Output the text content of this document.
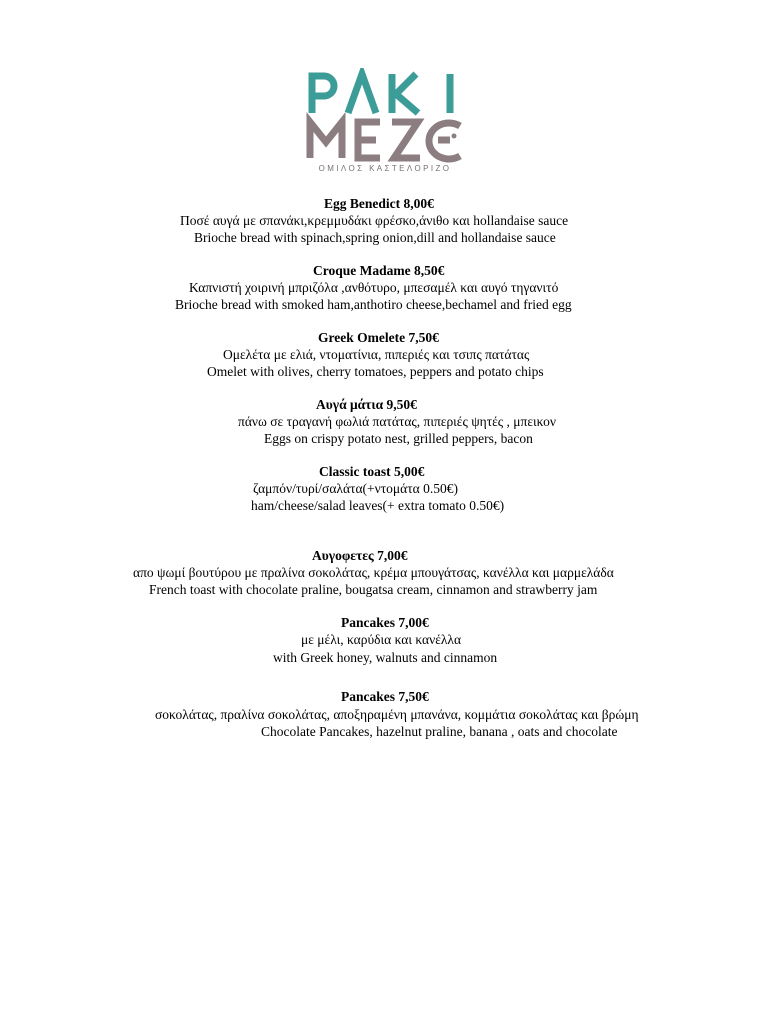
ΟΜΙΛΟΣ ΚΑΣΤΕΛΟΡΙΖΟ
Egg Benedict 8,00€
Ποσέ αυγά με σπανάκι,κρεμμυδάκι φρέσκο,άνιθο και hollandaise sauce
Brioche bread with spinach,spring onion,dill and hollandaise sauce
Croque Madame 8,50€
Καπνιστή χοιρινή μπριζόλα ,ανθότυρο, μπεσαμέλ και αυγό τηγανιτό
Brioche bread with smoked ham,anthotiro cheese,bechamel and fried egg
Greek Omelete 7,50€
Ομελέτα με ελιά, ντοματίνια, πιπεριές και τσιπς πατάτας
Omelet with olives, cherry tomatoes, peppers and potato chips
Αυγά μάτια 9,50€
πάνω σε τραγανή φωλιά πατάτας, πιπεριές ψητές , μπεικον
Eggs on crispy potato nest, grilled peppers, bacon
Classic toast 5,00€
ζαμπόν/τυρί/σαλάτα(+ντομάτα 0.50€)
ham/cheese/salad leaves(+ extra tomato 0.50€)
Αυγοφετες 7,00€
απο ψωμί βουτύρου με πραλίνα σοκολάτας, κρέμα μπουγάτσας, κανέλλα και μαρμελάδα
French toast with chocolate praline, bougatsa cream, cinnamon and strawberry jam
Pancakes 7,00€
με μέλι, καρύδια και κανέλλα
with Greek honey, walnuts and cinnamon
Pancakes 7,50€
σοκολάτας, πραλίνα σοκολάτας, αποξηραμένη μπανάνα, κομμάτια σοκολάτας και βρώμη
Chocolate Pancakes, hazelnut praline, banana , oats and chocolate
